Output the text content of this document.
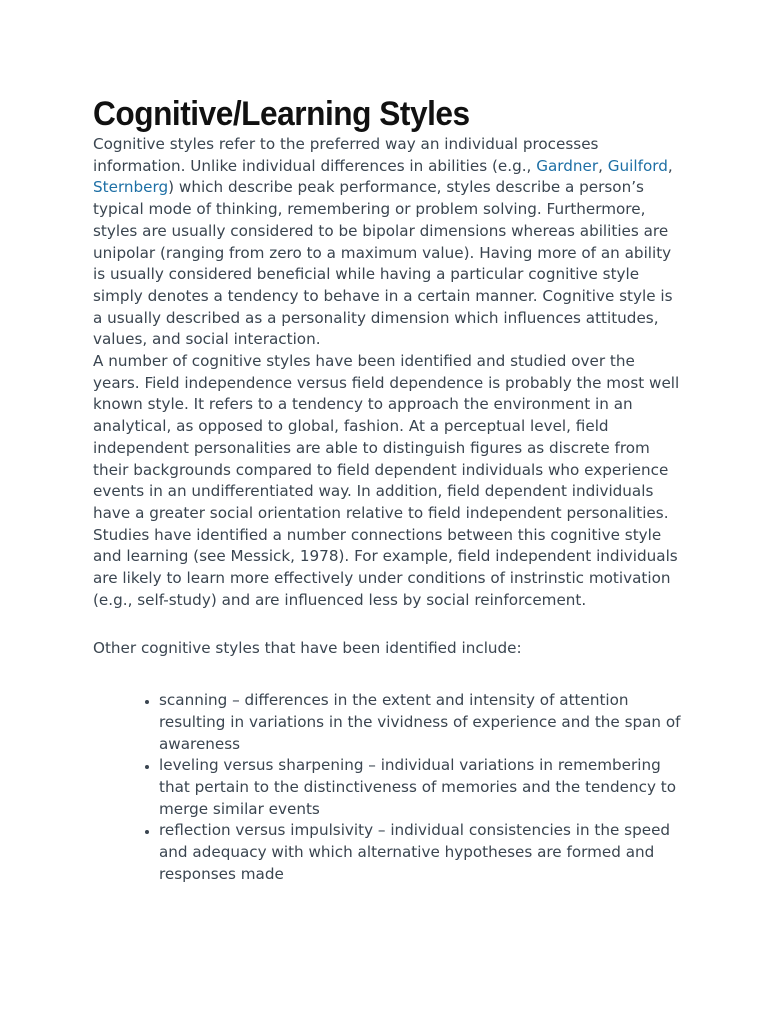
Cognitive/Learning Styles

Cognitive styles refer to the preferred way an individual processes information. Unlike individual differences in abilities (e.g., Gardner, Guilford, Sternberg) which describe peak performance, styles describe a person’s typical mode of thinking, remembering or problem solving. Furthermore, styles are usually considered to be bipolar dimensions whereas abilities are unipolar (ranging from zero to a maximum value). Having more of an ability is usually considered beneficial while having a particular cognitive style simply denotes a tendency to behave in a certain manner. Cognitive style is a usually described as a personality dimension which influences attitudes, values, and social interaction.

A number of cognitive styles have been identified and studied over the years. Field independence versus field dependence is probably the most well known style. It refers to a tendency to approach the environment in an analytical, as opposed to global, fashion. At a perceptual level, field independent personalities are able to distinguish figures as discrete from their backgrounds compared to field dependent individuals who experience events in an undifferentiated way. In addition, field dependent individuals have a greater social orientation relative to field independent personalities. Studies have identified a number connections between this cognitive style and learning (see Messick, 1978). For example, field independent individuals are likely to learn more effectively under conditions of instrinstic motivation (e.g., self-study) and are influenced less by social reinforcement.

Other cognitive styles that have been identified include:

• scanning – differences in the extent and intensity of attention resulting in variations in the vividness of experience and the span of awareness
• leveling versus sharpening – individual variations in remembering that pertain to the distinctiveness of memories and the tendency to merge similar events
• reflection versus impulsivity – individual consistencies in the speed and adequacy with which alternative hypotheses are formed and responses made
